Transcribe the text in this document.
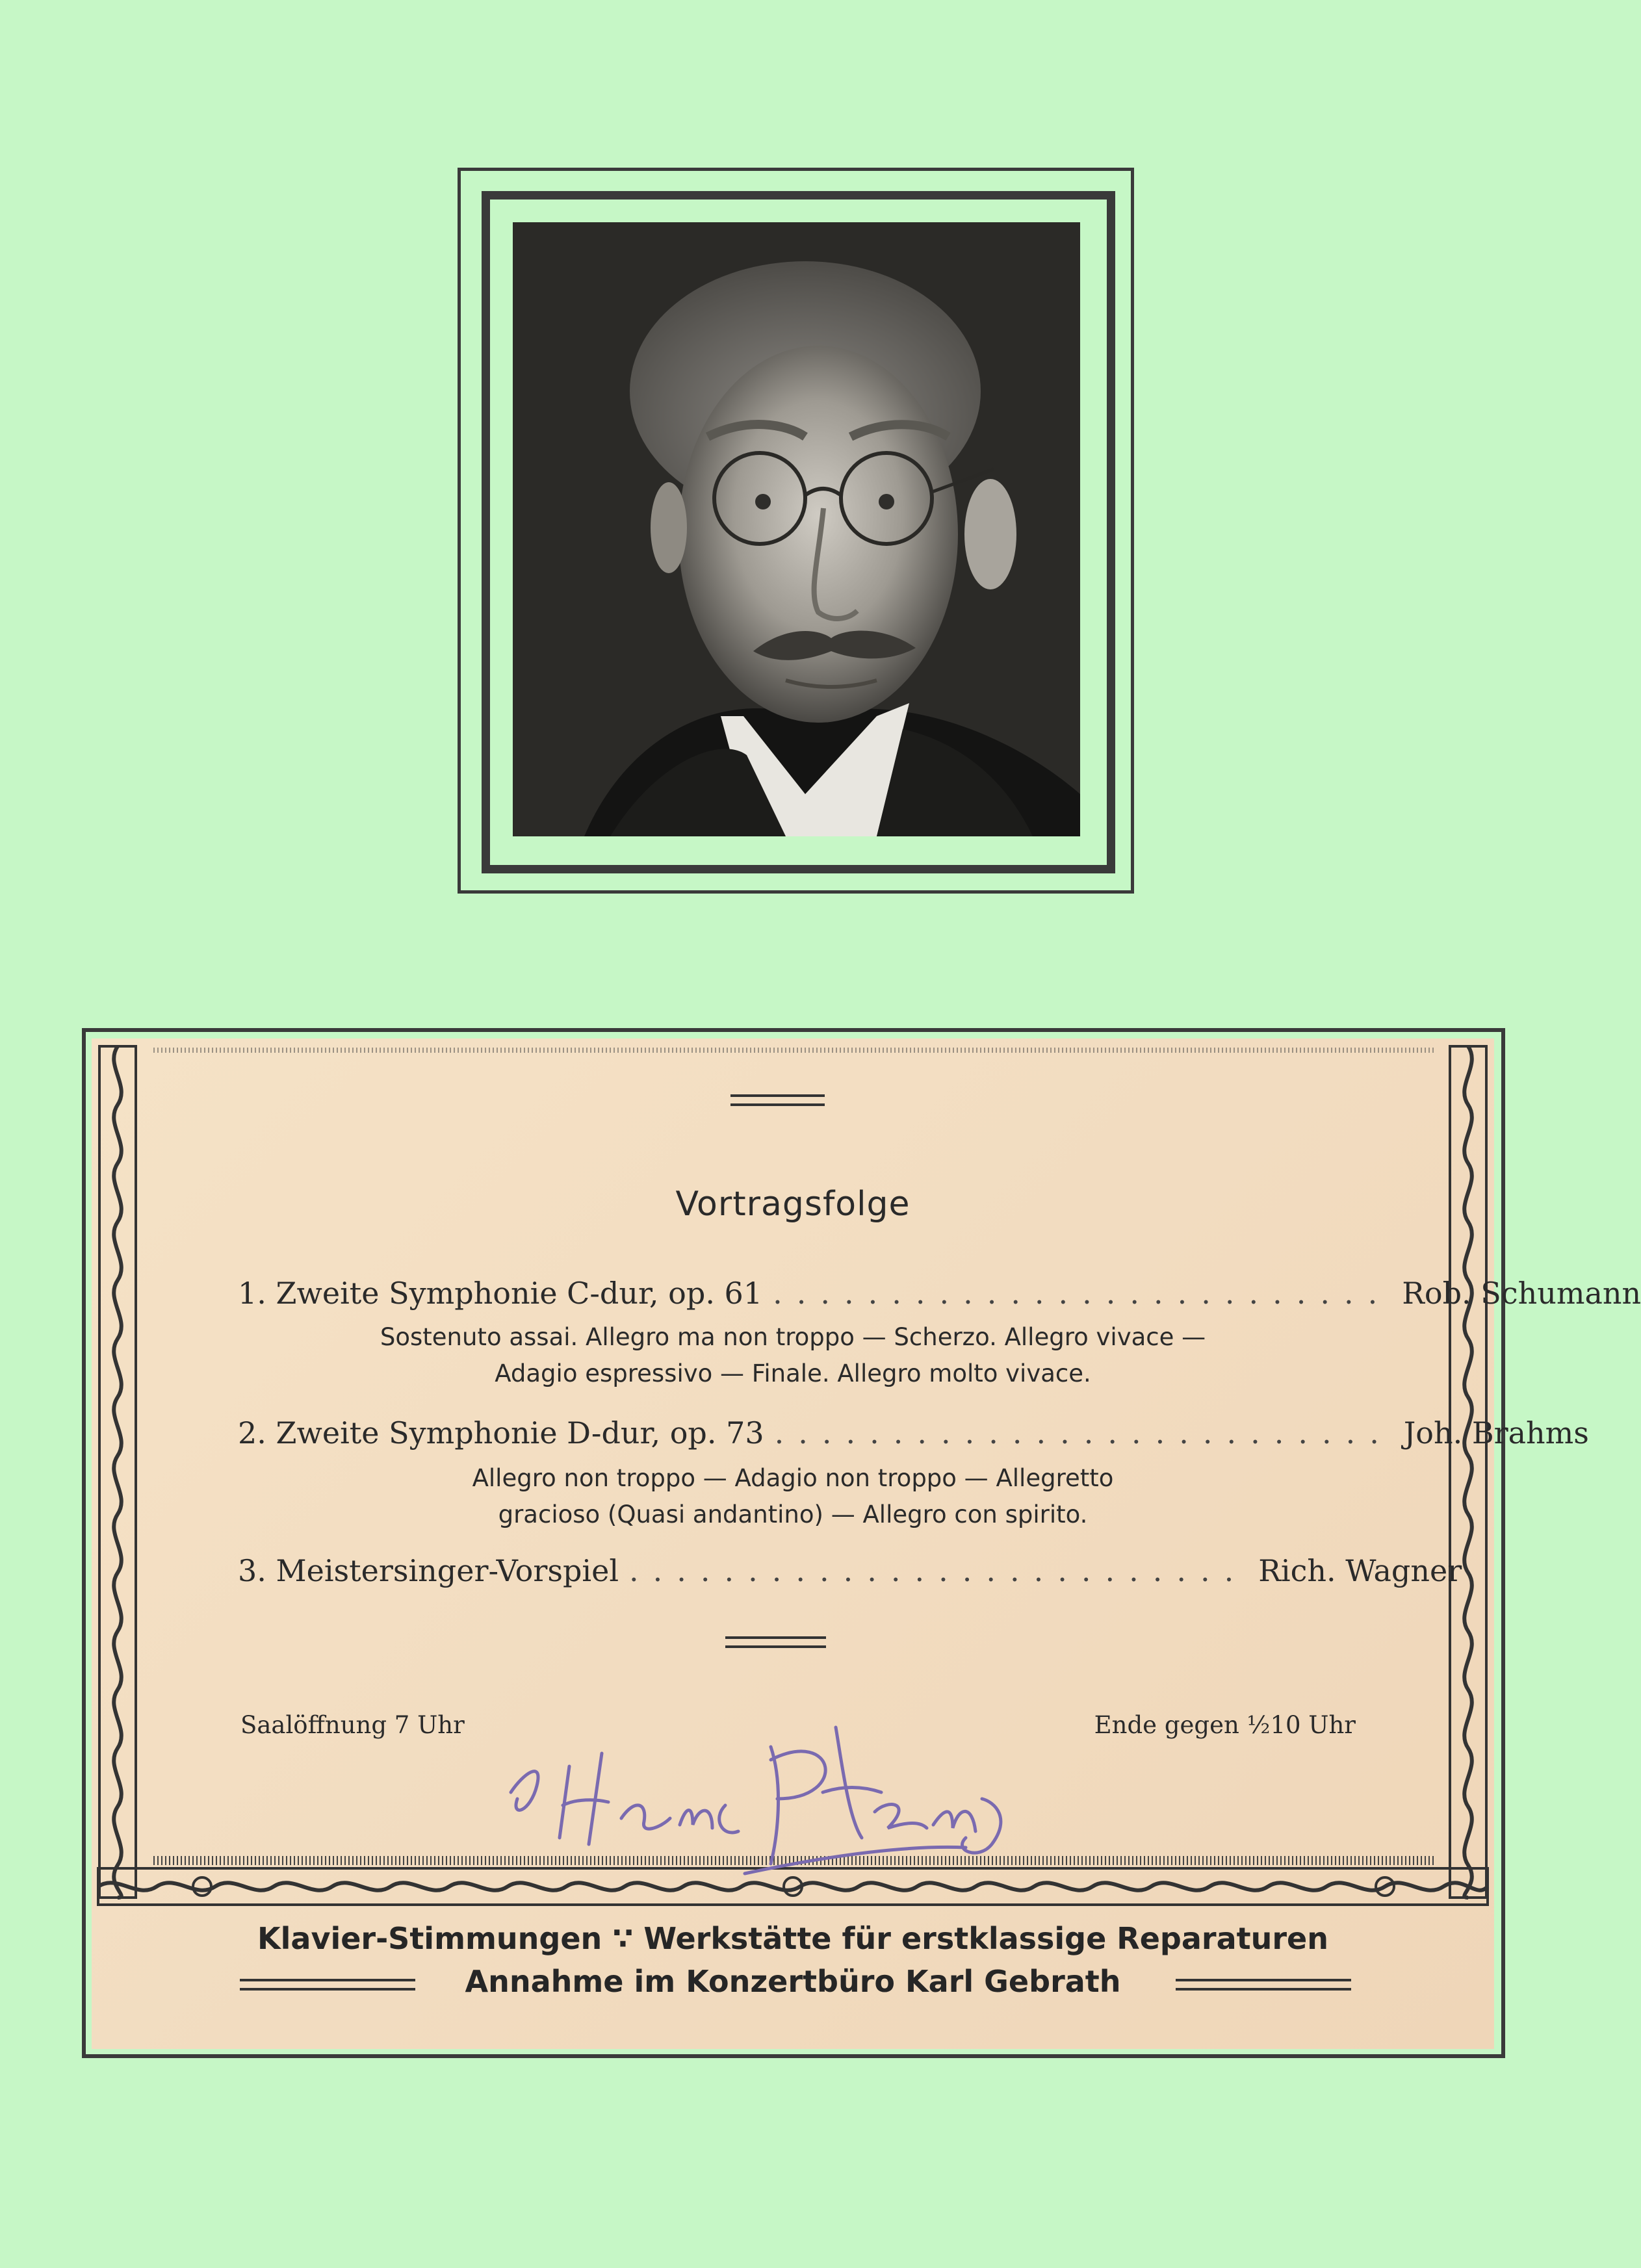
Vortragsfolge
1.
Zweite Symphonie C-dur, op. 61 .......................... Rob. Schumann
Sostenuto assai. Allegro ma non troppo — Scherzo. Allegro vivace —
Adagio espressivo — Finale. Allegro molto vivace.
2.
Zweite Symphonie D-dur, op. 73 .......................... Joh. Brahms
Allegro non troppo — Adagio non troppo — Allegretto
gracioso (Quasi andantino) — Allegro con spirito.
3.
Meistersinger-Vorspiel .......................... Rich. Wagner
Saalöffnung 7 Uhr	Ende gegen ½10 Uhr
Klavier-Stimmungen ∵ Werkstätte für erstklassige Reparaturen
Annahme im Konzertbüro Karl Gebrath
